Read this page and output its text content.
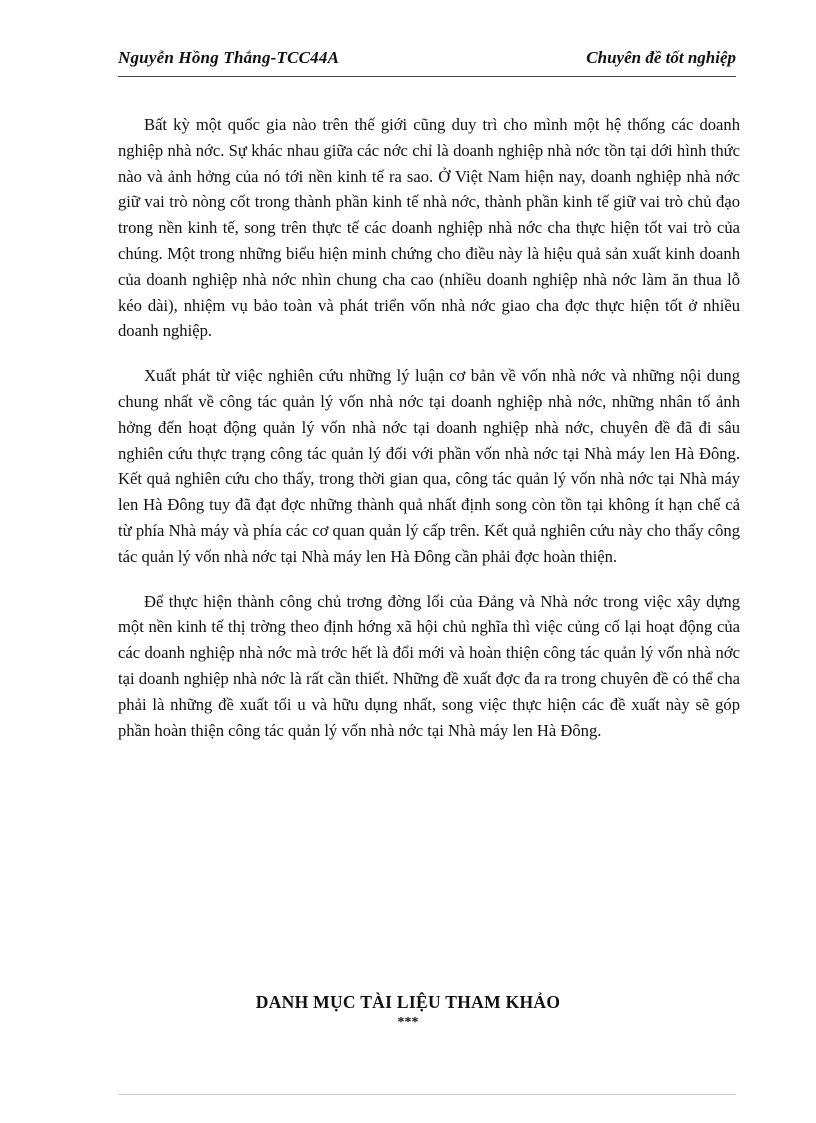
Nguyễn Hồng Thắng-TCC44A	Chuyên đề tốt nghiệp

Bất kỳ một quốc gia nào trên thế giới cũng duy trì cho mình một hệ thống các doanh nghiệp nhà nớc. Sự khác nhau giữa các nớc chỉ là doanh nghiệp nhà nớc tồn tại dới hình thức nào và ảnh hởng của nó tới nền kinh tế ra sao. Ở Việt Nam hiện nay, doanh nghiệp nhà nớc giữ vai trò nòng cốt trong thành phần kinh tế nhà nớc, thành phần kinh tế giữ vai trò chủ đạo trong nền kinh tế, song trên thực tế các doanh nghiệp nhà nớc cha thực hiện tốt vai trò của chúng. Một trong những biểu hiện minh chứng cho điều này là hiệu quả sản xuất kinh doanh của doanh nghiệp nhà nớc nhìn chung cha cao (nhiều doanh nghiệp nhà nớc làm ăn thua lỗ kéo dài), nhiệm vụ bảo toàn và phát triển vốn nhà nớc giao cha đợc thực hiện tốt ở nhiều doanh nghiệp.

Xuất phát từ việc nghiên cứu những lý luận cơ bản về vốn nhà nớc và những nội dung chung nhất về công tác quản lý vốn nhà nớc tại doanh nghiệp nhà nớc, những nhân tố ảnh hởng đến hoạt động quản lý vốn nhà nớc tại doanh nghiệp nhà nớc, chuyên đề đã đi sâu nghiên cứu thực trạng công tác quản lý đối với phần vốn nhà nớc tại Nhà máy len Hà Đông. Kết quả nghiên cứu cho thấy, trong thời gian qua, công tác quản lý vốn nhà nớc tại Nhà máy len Hà Đông tuy đã đạt đợc những thành quả nhất định song còn tồn tại không ít hạn chế cả từ phía Nhà máy và phía các cơ quan quản lý cấp trên. Kết quả nghiên cứu này cho thấy công tác quản lý vốn nhà nớc tại Nhà máy len Hà Đông cần phải đợc hoàn thiện.

Để thực hiện thành công chủ trơng đờng lối của Đảng và Nhà nớc trong việc xây dựng một nền kinh tế thị trờng theo định hớng xã hội chủ nghĩa thì việc củng cố lại hoạt động của các doanh nghiệp nhà nớc mà trớc hết là đổi mới và hoàn thiện công tác quản lý vốn nhà nớc tại doanh nghiệp nhà nớc là rất cần thiết. Những đề xuất đợc đa ra trong chuyên đề có thể cha phải là những đề xuất tối u và hữu dụng nhất, song việc thực hiện các đề xuất này sẽ góp phần hoàn thiện công tác quản lý vốn nhà nớc tại Nhà máy len Hà Đông.

DANH MỤC TÀI LIỆU THAM KHẢO
***
